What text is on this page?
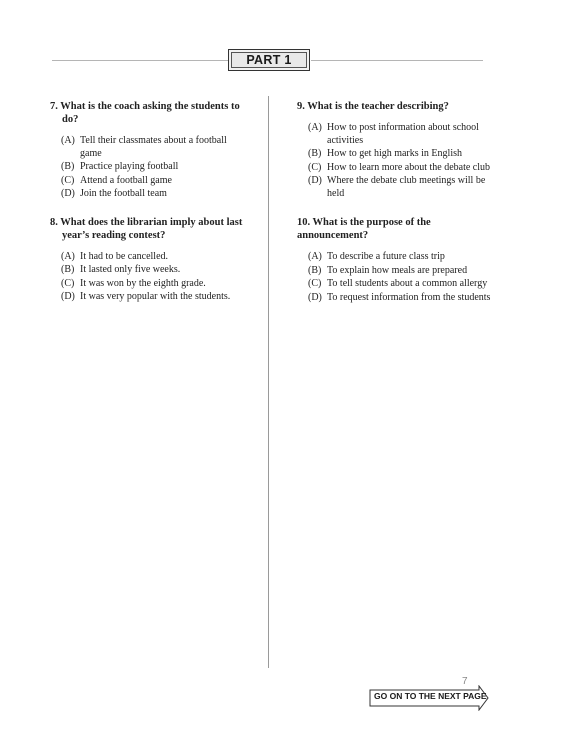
PART 1

7. What is the coach asking the students to do?

(A) Tell their classmates about a football game
(B) Practice playing football
(C) Attend a football game
(D) Join the football team

8. What does the librarian imply about last year’s reading contest?

(A) It had to be cancelled.
(B) It lasted only five weeks.
(C) It was won by the eighth grade.
(D) It was very popular with the students.

9. What is the teacher describing?

(A) How to post information about school activities
(B) How to get high marks in English
(C) How to learn more about the debate club
(D) Where the debate club meetings will be held

10. What is the purpose of the announcement?

(A) To describe a future class trip
(B) To explain how meals are prepared
(C) To tell students about a common allergy
(D) To request information from the students
7
GO ON TO THE NEXT PAGE
